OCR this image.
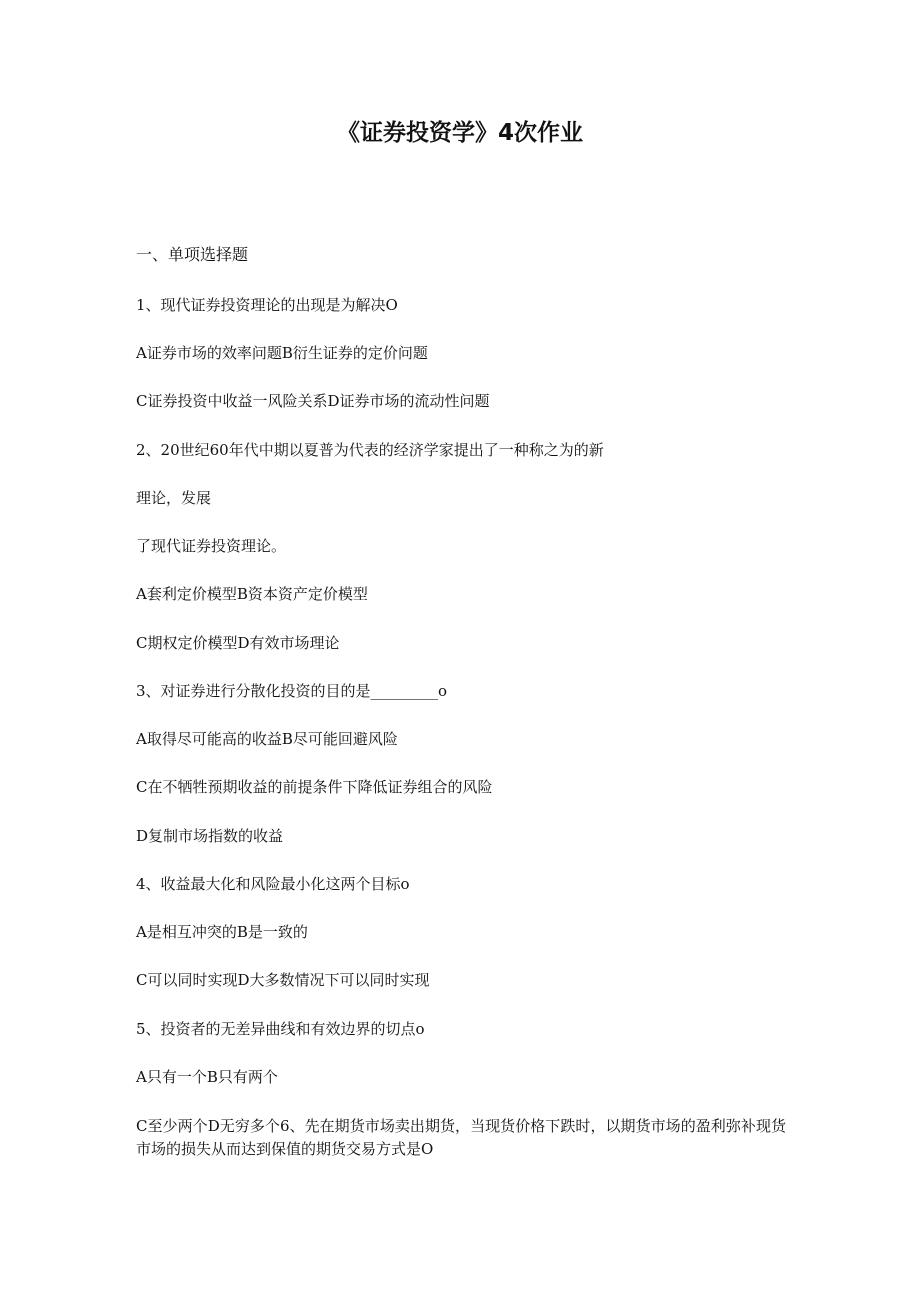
《证券投资学》4次作业

一、单项选择题

1、现代证券投资理论的出现是为解决O

A证券市场的效率问题B衍生证券的定价问题

C证券投资中收益一风险关系D证券市场的流动性问题

2、20世纪60年代中期以夏普为代表的经济学家提出了一种称之为的新

理论，发展

了现代证券投资理论。

A套利定价模型B资本资产定价模型

C期权定价模型D有效市场理论

3、对证券进行分散化投资的目的是_________o

A取得尽可能高的收益B尽可能回避风险

C在不牺牲预期收益的前提条件下降低证券组合的风险

D复制市场指数的收益

4、收益最大化和风险最小化这两个目标o

A是相互冲突的B是一致的

C可以同时实现D大多数情况下可以同时实现

5、投资者的无差异曲线和有效边界的切点o

A只有一个B只有两个

C至少两个D无穷多个6、先在期货市场卖出期货，当现货价格下跌时，以期货市场的盈利弥补现货市场的损失从而达到保值的期货交易方式是O
